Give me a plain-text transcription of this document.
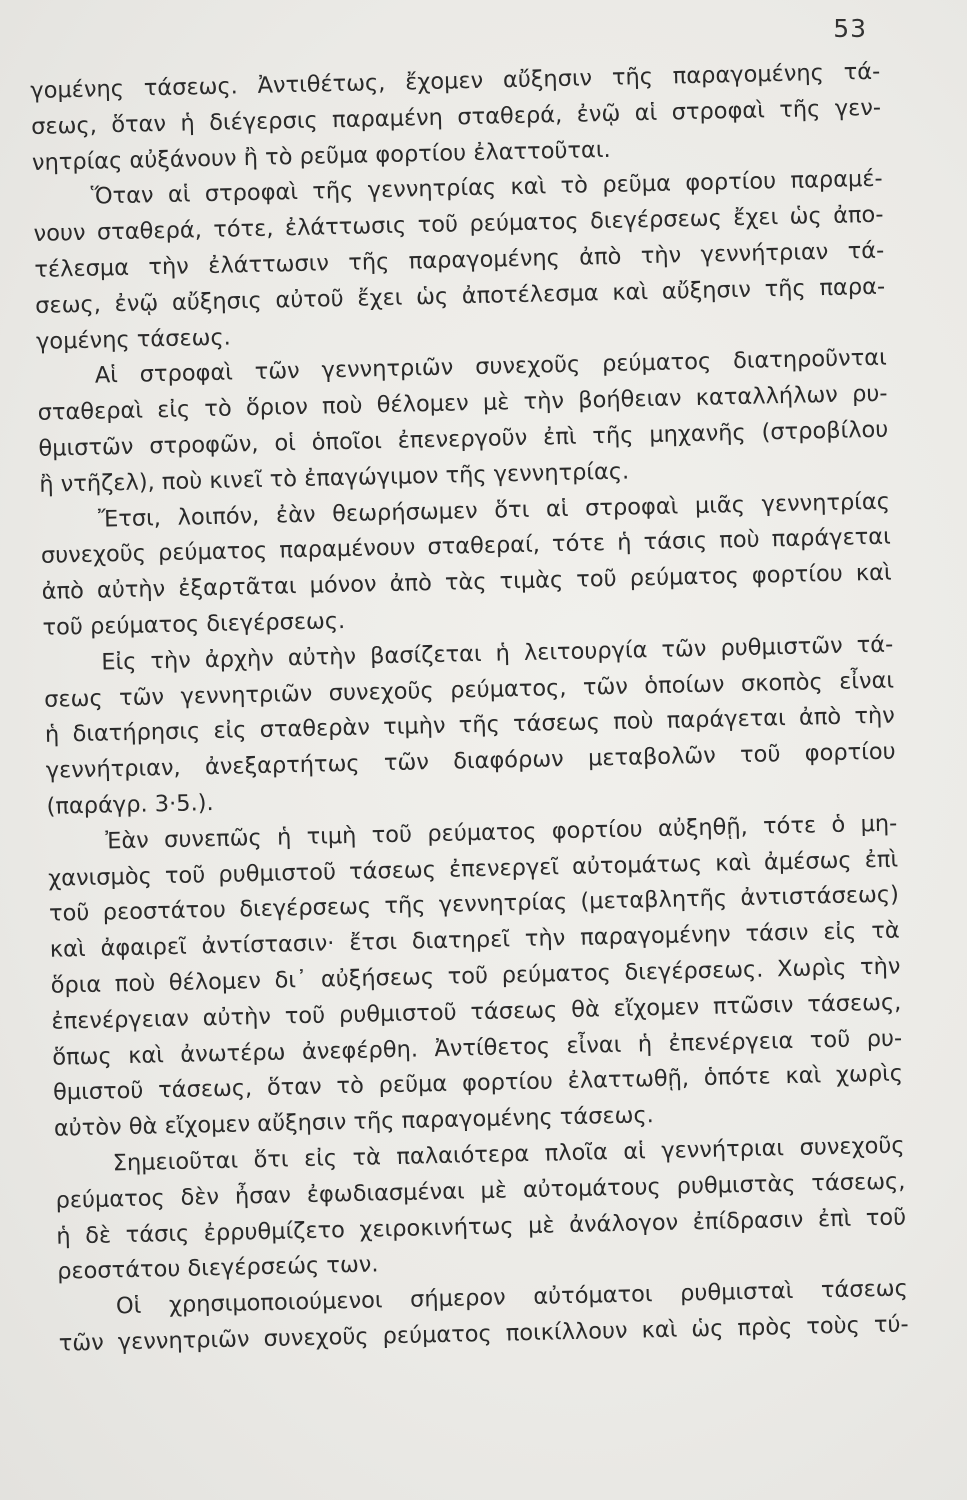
53
γομένης τάσεως. Ἀντιθέτως, ἔχομεν αὔξησιν τῆς παραγομένης τά-
σεως, ὅταν ἡ διέγερσις παραμένη σταθερά, ἐνῷ αἱ στροφαὶ τῆς γεν-
νητρίας αὐξάνουν ἢ τὸ ρεῦμα φορτίου ἐλαττοῦται.
Ὅταν αἱ στροφαὶ τῆς γεννητρίας καὶ τὸ ρεῦμα φορτίου παραμέ-
νουν σταθερά, τότε, ἐλάττωσις τοῦ ρεύματος διεγέρσεως ἔχει ὡς ἀπο-
τέλεσμα τὴν ἐλάττωσιν τῆς παραγομένης ἀπὸ τὴν γεννήτριαν τά-
σεως, ἐνῷ αὔξησις αὐτοῦ ἔχει ὡς ἀποτέλεσμα καὶ αὔξησιν τῆς παρα-
γομένης τάσεως.
Αἱ στροφαὶ τῶν γεννητριῶν συνεχοῦς ρεύματος διατηροῦνται
σταθεραὶ εἰς τὸ ὅριον ποὺ θέλομεν μὲ τὴν βοήθειαν καταλλήλων ρυ-
θμιστῶν στροφῶν, οἱ ὁποῖοι ἐπενεργοῦν ἐπὶ τῆς μηχανῆς (στροβίλου
ἢ ντῆζελ), ποὺ κινεῖ τὸ ἐπαγώγιμον τῆς γεννητρίας.
Ἔτσι, λοιπόν, ἐὰν θεωρήσωμεν ὅτι αἱ στροφαὶ μιᾶς γεννητρίας
συνεχοῦς ρεύματος παραμένουν σταθεραί, τότε ἡ τάσις ποὺ παράγεται
ἀπὸ αὐτὴν ἐξαρτᾶται μόνον ἀπὸ τὰς τιμὰς τοῦ ρεύματος φορτίου καὶ
τοῦ ρεύματος διεγέρσεως.
Εἰς τὴν ἀρχὴν αὐτὴν βασίζεται ἡ λειτουργία τῶν ρυθμιστῶν τά-
σεως τῶν γεννητριῶν συνεχοῦς ρεύματος, τῶν ὁποίων σκοπὸς εἶναι
ἡ διατήρησις εἰς σταθερὰν τιμὴν τῆς τάσεως ποὺ παράγεται ἀπὸ τὴν
γεννήτριαν, ἀνεξαρτήτως τῶν διαφόρων μεταβολῶν τοῦ φορτίου
(παράγρ. 3·5.).
Ἐὰν συνεπῶς ἡ τιμὴ τοῦ ρεύματος φορτίου αὐξηθῇ, τότε ὁ μη-
χανισμὸς τοῦ ρυθμιστοῦ τάσεως ἐπενεργεῖ αὐτομάτως καὶ ἀμέσως ἐπὶ
τοῦ ρεοστάτου διεγέρσεως τῆς γεννητρίας (μεταβλητῆς ἀντιστάσεως)
καὶ ἀφαιρεῖ ἀντίστασιν· ἔτσι διατηρεῖ τὴν παραγομένην τάσιν εἰς τὰ
ὅρια ποὺ θέλομεν δι᾽ αὐξήσεως τοῦ ρεύματος διεγέρσεως. Χωρὶς τὴν
ἐπενέργειαν αὐτὴν τοῦ ρυθμιστοῦ τάσεως θὰ εἴχομεν πτῶσιν τάσεως,
ὅπως καὶ ἀνωτέρω ἀνεφέρθη. Ἀντίθετος εἶναι ἡ ἐπενέργεια τοῦ ρυ-
θμιστοῦ τάσεως, ὅταν τὸ ρεῦμα φορτίου ἐλαττωθῇ, ὁπότε καὶ χωρὶς
αὐτὸν θὰ εἴχομεν αὔξησιν τῆς παραγομένης τάσεως.
Σημειοῦται ὅτι εἰς τὰ παλαιότερα πλοῖα αἱ γεννήτριαι συνεχοῦς
ρεύματος δὲν ἦσαν ἐφωδιασμέναι μὲ αὐτομάτους ρυθμιστὰς τάσεως,
ἡ δὲ τάσις ἐρρυθμίζετο χειροκινήτως μὲ ἀνάλογον ἐπίδρασιν ἐπὶ τοῦ
ρεοστάτου διεγέρσεώς των.
Οἱ χρησιμοποιούμενοι σήμερον αὐτόματοι ρυθμισταὶ τάσεως
τῶν γεννητριῶν συνεχοῦς ρεύματος ποικίλλουν καὶ ὡς πρὸς τοὺς τύ-
